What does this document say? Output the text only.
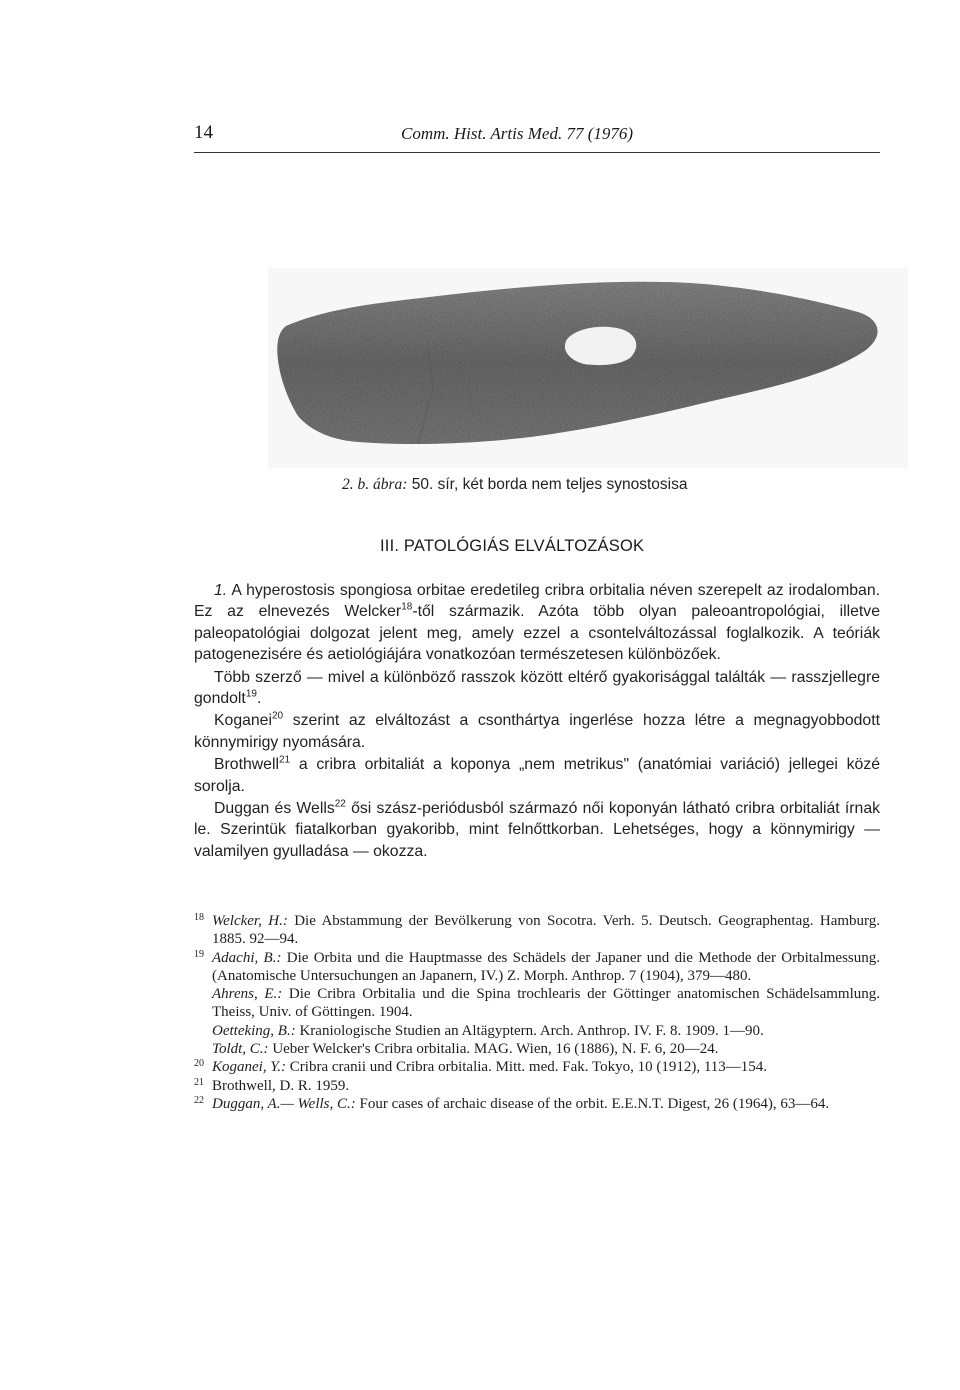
14	Comm. Hist. Artis Med. 77 (1976)
2. b. ábra: 50. sír, két borda nem teljes synostosisa
III. PATOLÓGIÁS ELVÁLTOZÁSOK

1. A hyperostosis spongiosa orbitae eredetileg cribra orbitalia néven szerepelt az irodalomban. Ez az elnevezés Welcker$^{18}$-től származik. Azóta több olyan paleoantropológiai, illetve paleopatológiai dolgozat jelent meg, amely ezzel a csontelváltozással foglalkozik. A teóriák patogenezisére és aetiológiájára vonatkozóan természetesen különbözőek.

Több szerző — mivel a különböző rasszok között eltérő gyakorisággal találták — rasszjellegre gondolt$^{19}$.

Koganei$^{20}$ szerint az elváltozást a csonthártya ingerlése hozza létre a megnagyobbodott könnymirigy nyomására.

Brothwell$^{21}$ a cribra orbitaliát a koponya „nem metrikus" (anatómiai variáció) jellegei közé sorolja.

Duggan és Wells$^{22}$ ősi szász-periódusból származó női koponyán látható cribra orbitaliát írnak le. Szerintük fiatalkorban gyakoribb, mint felnőttkorban. Lehetséges, hogy a könnymirigy — valamilyen gyulladása — okozza.

18 Welcker, H.: Die Abstammung der Bevölkerung von Socotra. Verh. 5. Deutsch. Geographentag. Hamburg. 1885. 92—94.

19 Adachi, B.: Die Orbita und die Hauptmasse des Schädels der Japaner und die Methode der Orbitalmessung. (Anatomische Untersuchungen an Japanern, IV.) Z. Morph. Anthrop. 7 (1904), 379—480.

Ahrens, E.: Die Cribra Orbitalia und die Spina trochlearis der Göttinger anatomischen Schädelsammlung. Theiss, Univ. of Göttingen. 1904.

Oetteking, B.: Kraniologische Studien an Altägyptern. Arch. Anthrop. IV. F. 8. 1909. 1—90.

Toldt, C.: Ueber Welcker's Cribra orbitalia. MAG. Wien, 16 (1886), N. F. 6, 20—24.

20 Koganei, Y.: Cribra cranii und Cribra orbitalia. Mitt. med. Fak. Tokyo, 10 (1912), 113—154.

21 Brothwell, D. R. 1959.

22 Duggan, A.— Wells, C.: Four cases of archaic disease of the orbit. E.E.N.T. Digest, 26 (1964), 63—64.
